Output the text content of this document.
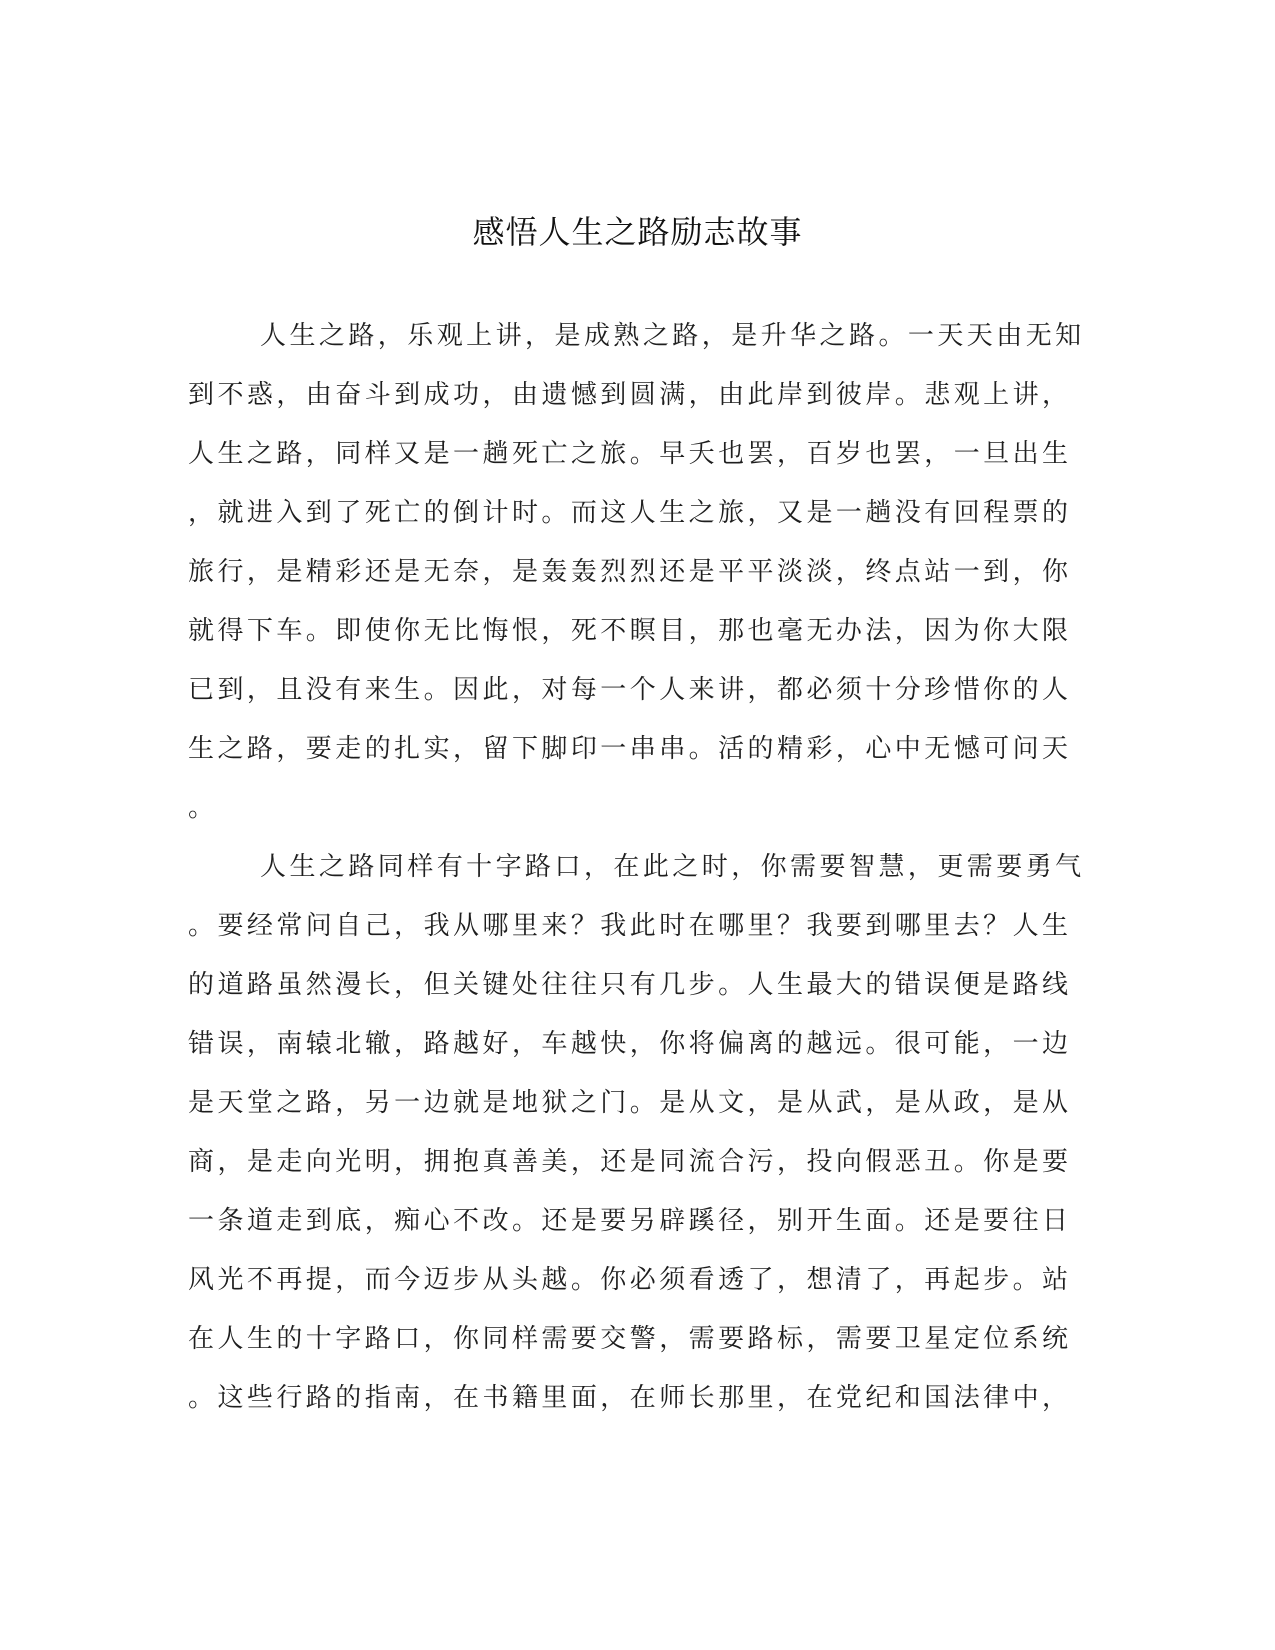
感悟人生之路励志故事
人生之路，乐观上讲，是成熟之路，是升华之路。一天天由无知
到不惑，由奋斗到成功，由遗憾到圆满，由此岸到彼岸。悲观上讲，
人生之路，同样又是一趟死亡之旅。早夭也罢，百岁也罢，一旦出生
，就进入到了死亡的倒计时。而这人生之旅，又是一趟没有回程票的
旅行，是精彩还是无奈，是轰轰烈烈还是平平淡淡，终点站一到，你
就得下车。即使你无比悔恨，死不瞑目，那也毫无办法，因为你大限
已到，且没有来生。因此，对每一个人来讲，都必须十分珍惜你的人
生之路，要走的扎实，留下脚印一串串。活的精彩，心中无憾可问天
。
人生之路同样有十字路口，在此之时，你需要智慧，更需要勇气
。要经常问自己，我从哪里来？我此时在哪里？我要到哪里去？人生
的道路虽然漫长，但关键处往往只有几步。人生最大的错误便是路线
错误，南辕北辙，路越好，车越快，你将偏离的越远。很可能，一边
是天堂之路，另一边就是地狱之门。是从文，是从武，是从政，是从
商，是走向光明，拥抱真善美，还是同流合污，投向假恶丑。你是要
一条道走到底，痴心不改。还是要另辟蹊径，别开生面。还是要往日
风光不再提，而今迈步从头越。你必须看透了，想清了，再起步。站
在人生的十字路口，你同样需要交警，需要路标，需要卫星定位系统
。这些行路的指南，在书籍里面，在师长那里，在党纪和国法律中，
